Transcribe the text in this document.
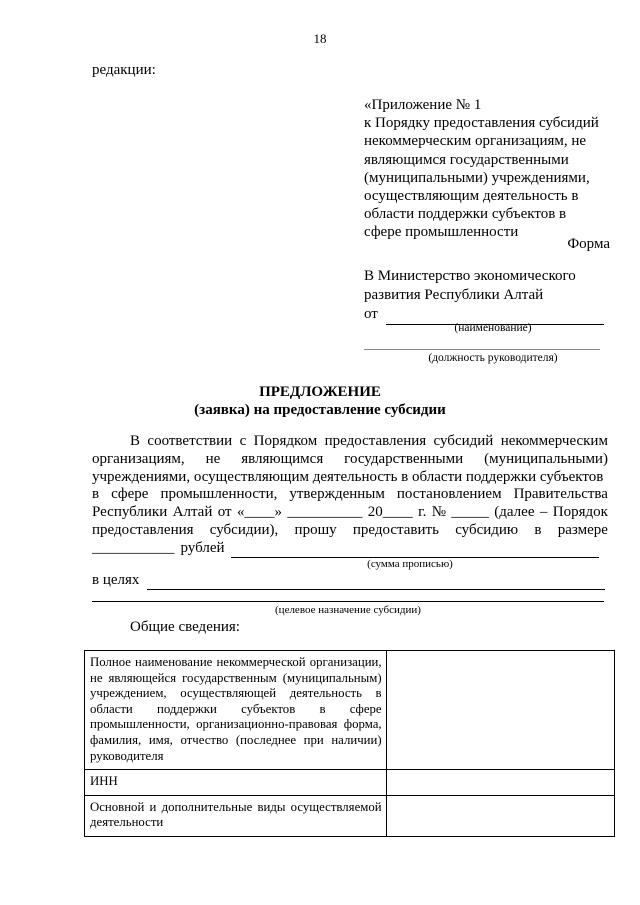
18
редакции:
«Приложение № 1
к Порядку предоставления субсидий
некоммерческим организациям, не
являющимся государственными
(муниципальными) учреждениями,
осуществляющим деятельность в
области поддержки субъектов в
сфере промышленности
Форма
В Министерство экономического
развития Республики Алтай
от
(наименование)
(должность руководителя)
ПРЕДЛОЖЕНИЕ
(заявка) на предоставление субсидии
В соответствии с Порядком предоставления субсидий некоммерческим
организациям, не являющимся государственными (муниципальными)
учреждениями, осуществляющим деятельность в области поддержки субъектов
в сфере промышленности, утвержденным постановлением Правительства
Республики Алтай от «____» __________ 20____ г. № _____ (далее – Порядок
предоставления субсидии), прошу предоставить субсидию в размере
___________ рублей

(сумма прописью)
в целях
(целевое назначение субсидии)
Общие сведения:
Полное наименование некоммерческой организации, не являющейся государственным (муниципальным) учреждением, осуществляющей деятельность в области поддержки субъектов в сфере промышленности, организационно-правовая форма, фамилия, имя, отчество (последнее при наличии) руководителя	
ИНН	
Основной и дополнительные виды осуществляемой деятельности	
